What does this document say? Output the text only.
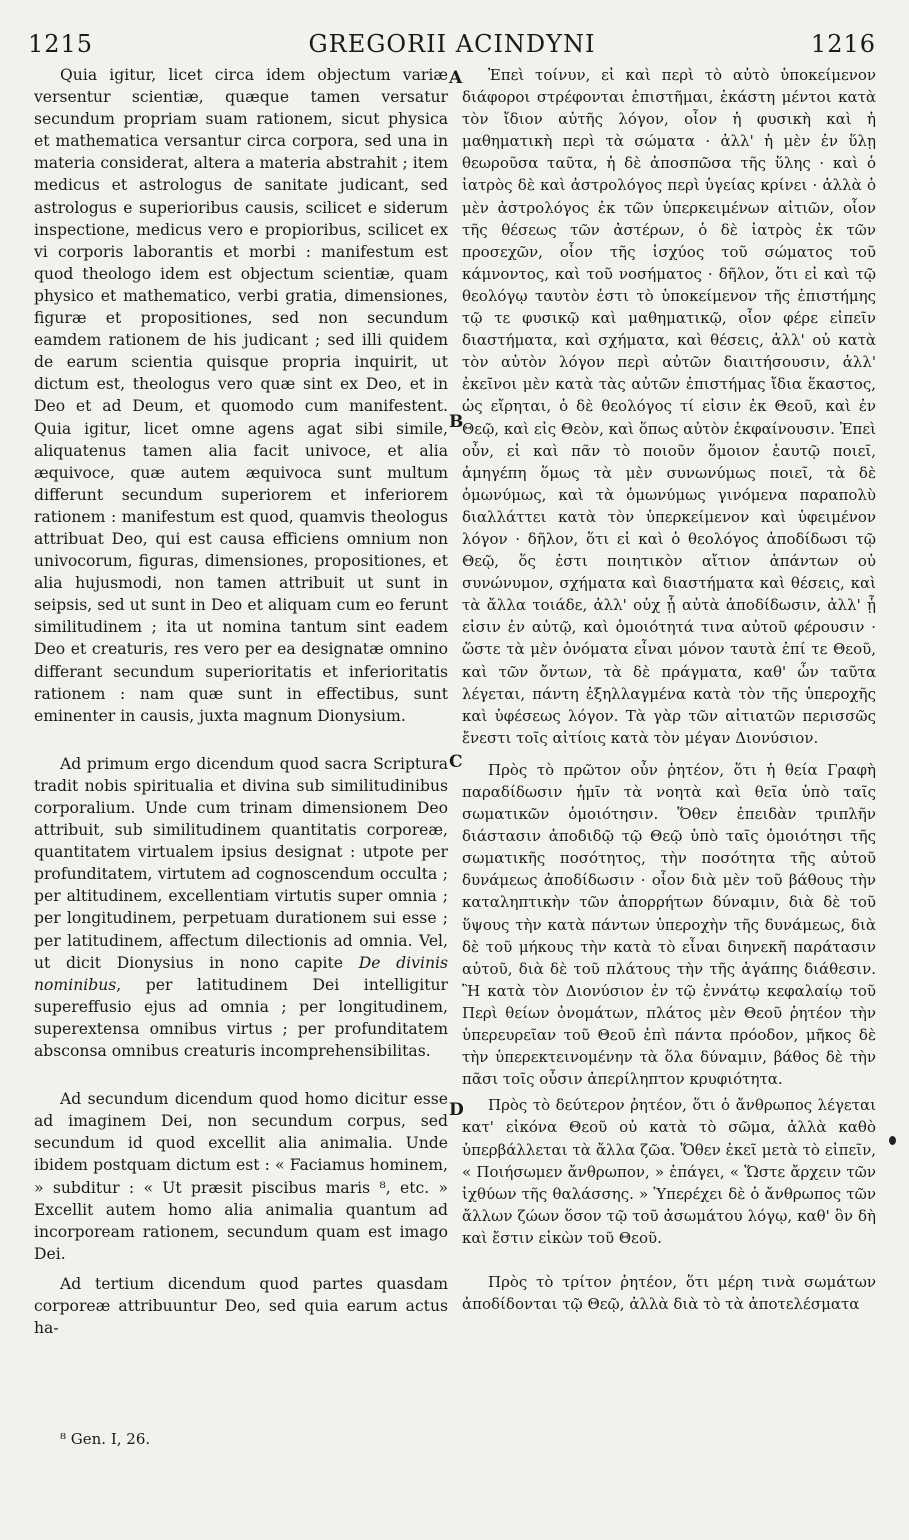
1215	GREGORII ACINDYNI	1216

Quia igitur, licet circa idem objectum variæ versentur scientiæ, quæque tamen versatur secundum propriam suam rationem, sicut physica et mathematica versantur circa corpora, sed una in materia considerat, altera a materia abstrahit ; item medicus et astrologus de sanitate judicant, sed astrologus e superioribus causis, scilicet e siderum inspectione, medicus vero e propioribus, scilicet ex vi corporis laborantis et morbi : manifestum est quod theologo idem est objectum scientiæ, quam physico et mathematico, verbi gratia, dimensiones, figuræ et propositiones, sed non secundum eamdem rationem de his judicant ; sed illi quidem de earum scientia quisque propria inquirit, ut dictum est, theologus vero quæ sint ex Deo, et in Deo et ad Deum, et quomodo cum manifestent. Quia igitur, licet omne agens agat sibi simile, aliquatenus tamen alia facit univoce, et alia æquivoce, quæ autem æquivoca sunt multum differunt secundum superiorem et inferiorem rationem : manifestum est quod, quamvis theologus attribuat Deo, qui est causa efficiens omnium non univocorum, figuras, dimensiones, propositiones, et alia hujusmodi, non tamen attribuit ut sunt in seipsis, sed ut sunt in Deo et aliquam cum eo ferunt similitudinem ; ita ut nomina tantum sint eadem Deo et creaturis, res vero per ea designatæ omnino differant secundum superioritatis et inferioritatis rationem : nam quæ sunt in effectibus, sunt eminenter in causis, juxta magnum Dionysium.

Ad primum ergo dicendum quod sacra Scriptura tradit nobis spiritualia et divina sub similitudinibus corporalium. Unde cum trinam dimensionem Deo attribuit, sub similitudinem quantitatis corporeæ, quantitatem virtualem ipsius designat : utpote per profunditatem, virtutem ad cognoscendum occulta ; per altitudinem, excellentiam virtutis super omnia ; per longitudinem, perpetuam durationem sui esse ; per latitudinem, affectum dilectionis ad omnia. Vel, ut dicit Dionysius in nono capite De divinis nominibus, per latitudinem Dei intelligitur supereffusio ejus ad omnia ; per longitudinem, superextensa omnibus virtus ; per profunditatem absconsa omnibus creaturis incomprehensibilitas.

Ad secundum dicendum quod homo dicitur esse ad imaginem Dei, non secundum corpus, sed secundum id quod excellit alia animalia. Unde ibidem postquam dictum est : « Faciamus hominem, » subditur : « Ut præsit piscibus maris ⁸, etc. » Excellit autem homo alia animalia quantum ad incorpoream rationem, secundum quam est imago Dei.

Ad tertium dicendum quod partes quasdam corporeæ attribuuntur Deo, sed quia earum actus ha-

Ἐπεὶ τοίνυν, εἰ καὶ περὶ τὸ αὐτὸ ὑποκείμενον διάφοροι στρέφονται ἐπιστῆμαι, ἑκάστη μέντοι κατὰ τὸν ἴδιον αὐτῆς λόγον, οἷον ἡ φυσικὴ καὶ ἡ μαθηματικὴ περὶ τὰ σώματα · ἀλλ' ἡ μὲν ἐν ὕλῃ θεωροῦσα ταῦτα, ἡ δὲ ἀποσπῶσα τῆς ὕλης · καὶ ὁ ἰατρὸς δὲ καὶ ἀστρολόγος περὶ ὑγείας κρίνει · ἀλλὰ ὁ μὲν ἀστρολόγος ἐκ τῶν ὑπερκειμένων αἰτιῶν, οἷον τῆς θέσεως τῶν ἀστέρων, ὁ δὲ ἰατρὸς ἐκ τῶν προσεχῶν, οἷον τῆς ἰσχύος τοῦ σώματος τοῦ κάμνοντος, καὶ τοῦ νοσήματος · δῆλον, ὅτι εἰ καὶ τῷ θεολόγῳ ταυτὸν ἐστι τὸ ὑποκείμενον τῆς ἐπιστήμης τῷ τε φυσικῷ καὶ μαθηματικῷ, οἷον φέρε εἰπεῖν διαστήματα, καὶ σχήματα, καὶ θέσεις, ἀλλ' οὐ κατὰ τὸν αὐτὸν λόγον περὶ αὐτῶν διαιτήσουσιν, ἀλλ' ἐκεῖνοι μὲν κατὰ τὰς αὐτῶν ἐπιστήμας ἴδια ἕκαστος, ὡς εἴρηται, ὁ δὲ θεολόγος τί εἰσιν ἐκ Θεοῦ, καὶ ἐν Θεῷ, καὶ εἰς Θεὸν, καὶ ὅπως αὐτὸν ἐκφαίνουσιν. Ἐπεὶ οὖν, εἰ καὶ πᾶν τὸ ποιοῦν ὅμοιον ἑαυτῷ ποιεῖ, ἀμηγέπη ὅμως τὰ μὲν συνωνύμως ποιεῖ, τὰ δὲ ὁμωνύμως, καὶ τὰ ὁμωνύμως γινόμενα παραπολὺ διαλλάττει κατὰ τὸν ὑπερκείμενον καὶ ὑφειμένον λόγον · δῆλον, ὅτι εἰ καὶ ὁ θεολόγος ἀποδίδωσι τῷ Θεῷ, ὅς ἐστι ποιητικὸν αἴτιον ἁπάντων οὐ συνώνυμον, σχήματα καὶ διαστήματα καὶ θέσεις, καὶ τὰ ἄλλα τοιάδε, ἀλλ' οὐχ ᾗ αὐτὰ ἀποδίδωσιν, ἀλλ' ᾗ εἰσιν ἐν αὐτῷ, καὶ ὁμοιότητά τινα αὐτοῦ φέρουσιν · ὥστε τὰ μὲν ὀνόματα εἶναι μόνον ταυτὰ ἐπί τε Θεοῦ, καὶ τῶν ὄντων, τὰ δὲ πράγματα, καθ' ὧν ταῦτα λέγεται, πάντη ἐξηλλαγμένα κατὰ τὸν τῆς ὑπεροχῆς καὶ ὑφέσεως λόγον. Τὰ γὰρ τῶν αἰτιατῶν περισσῶς ἔνεστι τοῖς αἰτίοις κατὰ τὸν μέγαν Διονύσιον.

Πρὸς τὸ πρῶτον οὖν ῥητέον, ὅτι ἡ θεία Γραφὴ παραδίδωσιν ἡμῖν τὰ νοητὰ καὶ θεῖα ὑπὸ ταῖς σωματικῶν ὁμοιότησιν. Ὅθεν ἐπειδὰν τριπλῆν διάστασιν ἀποδιδῷ τῷ Θεῷ ὑπὸ ταῖς ὁμοιότησι τῆς σωματικῆς ποσότητος, τὴν ποσότητα τῆς αὐτοῦ δυνάμεως ἀποδίδωσιν · οἷον διὰ μὲν τοῦ βάθους τὴν καταληπτικὴν τῶν ἀπορρήτων δύναμιν, διὰ δὲ τοῦ ὕψους τὴν κατὰ πάντων ὑπεροχὴν τῆς δυνάμεως, διὰ δὲ τοῦ μήκους τὴν κατὰ τὸ εἶναι διηνεκῆ παράτασιν αὐτοῦ, διὰ δὲ τοῦ πλάτους τὴν τῆς ἀγάπης διάθεσιν. Ἢ κατὰ τὸν Διονύσιον ἐν τῷ ἐννάτῳ κεφαλαίῳ τοῦ Περὶ θείων ὀνομάτων, πλάτος μὲν Θεοῦ ῥητέον τὴν ὑπερευρεῖαν τοῦ Θεοῦ ἐπὶ πάντα πρόοδον, μῆκος δὲ τὴν ὑπερεκτεινομένην τὰ ὅλα δύναμιν, βάθος δὲ τὴν πᾶσι τοῖς οὖσιν ἀπερίληπτον κρυφιότητα.

Πρὸς τὸ δεύτερον ῥητέον, ὅτι ὁ ἄνθρωπος λέγεται κατ' εἰκόνα Θεοῦ οὐ κατὰ τὸ σῶμα, ἀλλὰ καθὸ ὑπερβάλλεται τὰ ἄλλα ζῶα. Ὅθεν ἐκεῖ μετὰ τὸ εἰπεῖν, « Ποιήσωμεν ἄνθρωπον, » ἐπάγει, « Ὥστε ἄρχειν τῶν ἰχθύων τῆς θαλάσσης. » Ὑπερέχει δὲ ὁ ἄνθρωπος τῶν ἄλλων ζώων ὅσον τῷ τοῦ ἀσωμάτου λόγῳ, καθ' ὃν δὴ καὶ ἔστιν εἰκὼν τοῦ Θεοῦ.

Πρὸς τὸ τρίτον ῥητέον, ὅτι μέρη τινὰ σωμάτων ἀποδίδονται τῷ Θεῷ, ἀλλὰ διὰ τὸ τὰ ἀποτελέσματα

A
B
C
D
⁸ Gen. I, 26.
